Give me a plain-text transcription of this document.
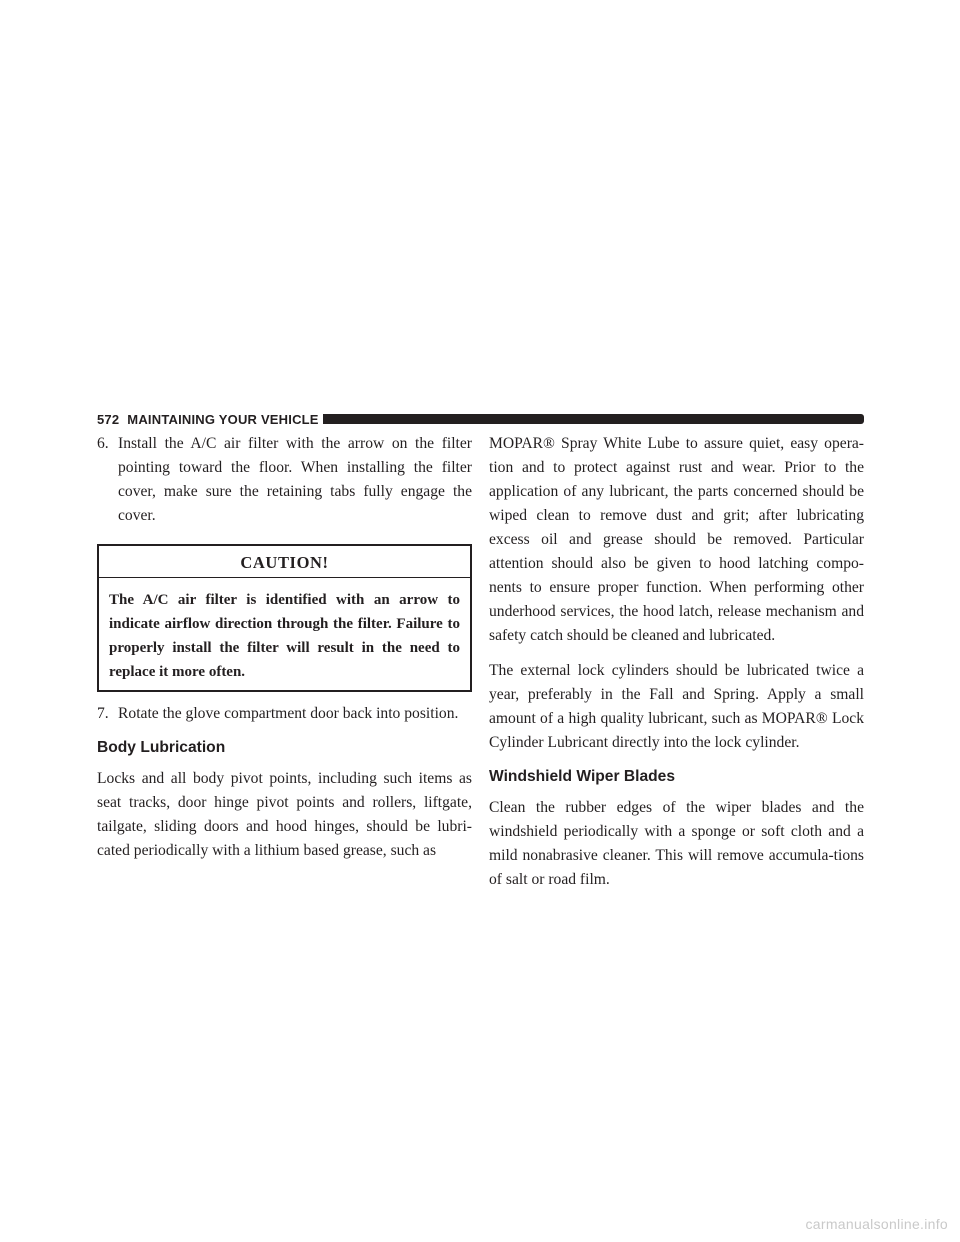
572 MAINTAINING YOUR VEHICLE
6. Install the A/C air filter with the arrow on the filter pointing toward the floor. When installing the filter cover, make sure the retaining tabs fully engage the cover.
CAUTION!
The A/C air filter is identified with an arrow to indicate airflow direction through the filter. Failure to properly install the filter will result in the need to replace it more often.
7. Rotate the glove compartment door back into position.
Body Lubrication

Locks and all body pivot points, including such items as seat tracks, door hinge pivot points and rollers, liftgate, tailgate, sliding doors and hood hinges, should be lubri-cated periodically with a lithium based grease, such as

MOPAR® Spray White Lube to assure quiet, easy opera-tion and to protect against rust and wear. Prior to the application of any lubricant, the parts concerned should be wiped clean to remove dust and grit; after lubricating excess oil and grease should be removed. Particular attention should also be given to hood latching compo-nents to ensure proper function. When performing other underhood services, the hood latch, release mechanism and safety catch should be cleaned and lubricated.

The external lock cylinders should be lubricated twice a year, preferably in the Fall and Spring. Apply a small amount of a high quality lubricant, such as MOPAR® Lock Cylinder Lubricant directly into the lock cylinder.

Windshield Wiper Blades

Clean the rubber edges of the wiper blades and the windshield periodically with a sponge or soft cloth and a mild nonabrasive cleaner. This will remove accumula-tions of salt or road film.

carmanualsonline.info
